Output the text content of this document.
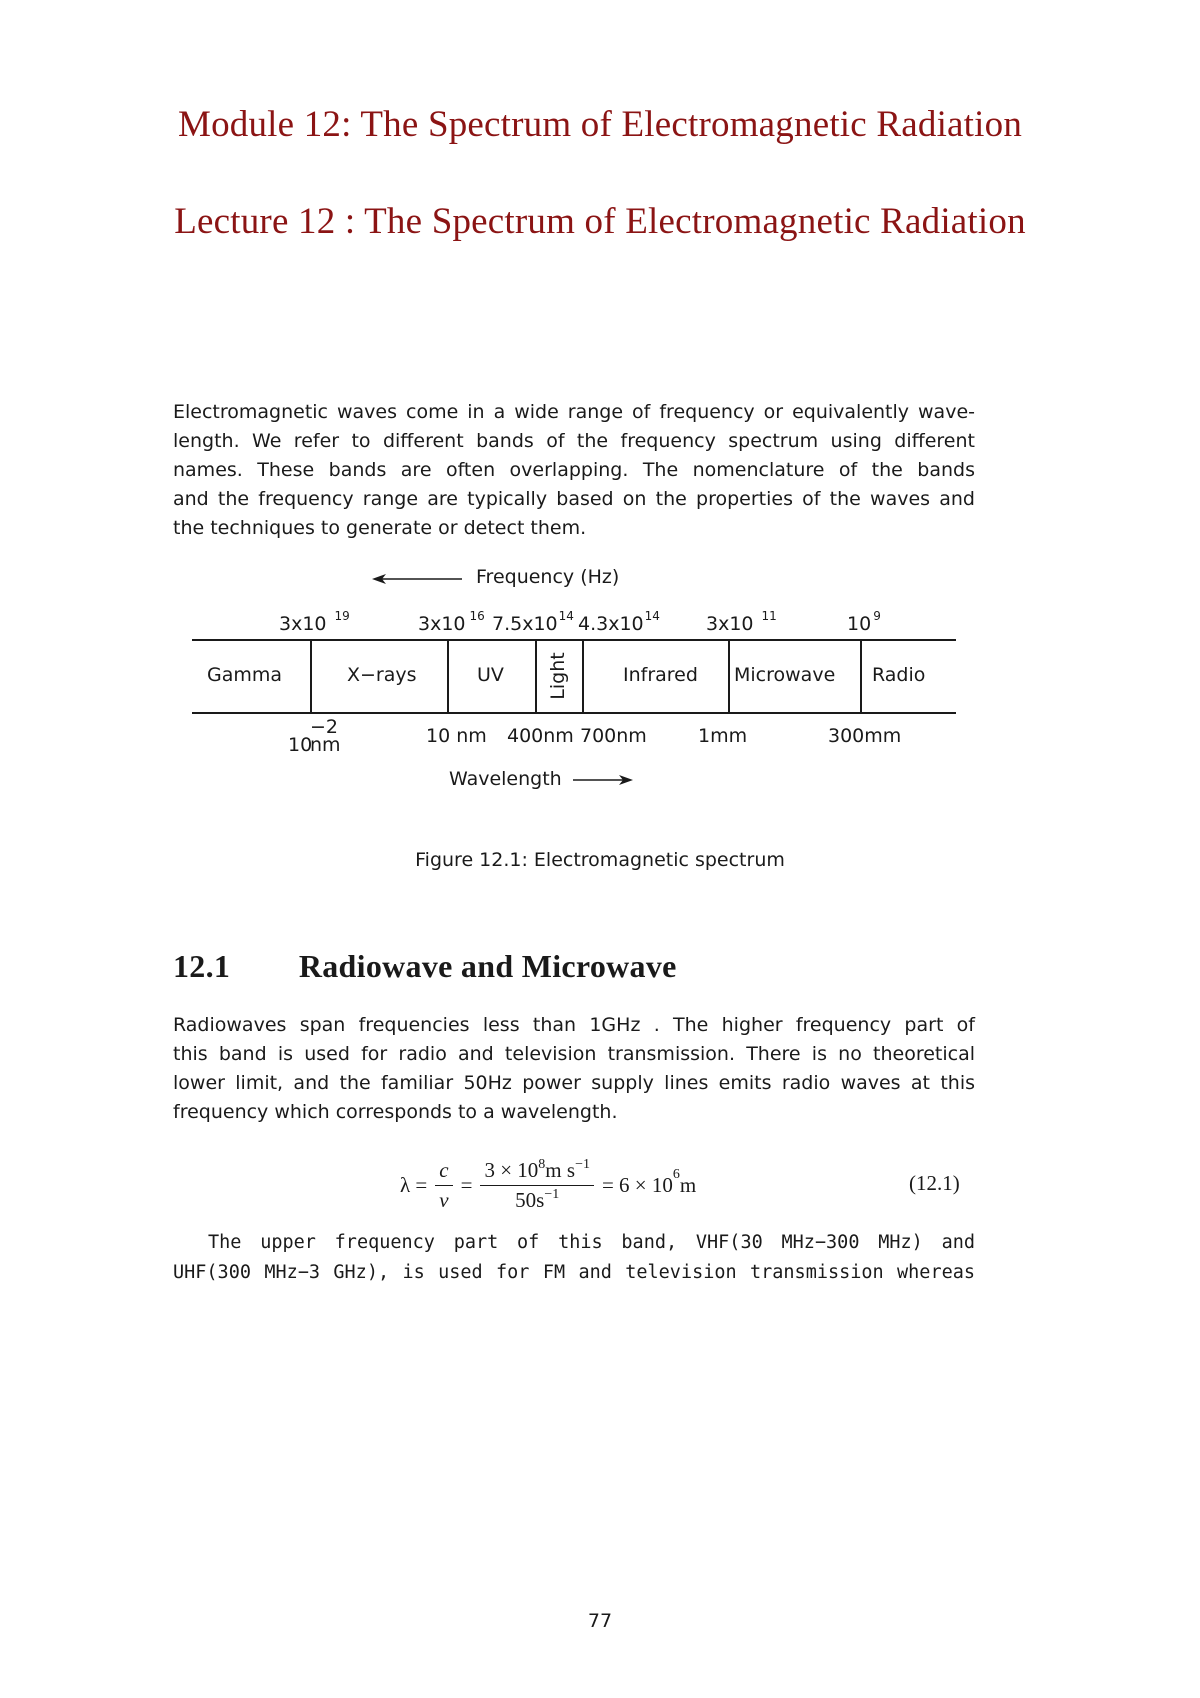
Module 12: The Spectrum of Electromagnetic Radiation
Lecture 12 : The Spectrum of Electromagnetic Radiation
Electromagnetic waves come in a wide range of frequency or equivalently wave-
length. We refer to different bands of the frequency spectrum using different
names. These bands are often overlapping. The nomenclature of the bands
and the frequency range are typically based on the properties of the waves and
the techniques to generate or detect them.
Frequency (Hz)
3x10 $^{19}$	3x10 $^{16}$ $7.5x10^{14}$ $4.3x10^{14}$ 3x10 $^{11}$	10 $^9$
Gamma	X−rays	UV Light	Infrared Microwave Radio
−2
10
nm	10 nm 400nm 700nm	1mm	300mm
Wavelength
Figure 12.1: Electromagnetic spectrum
12.1 Radiowave and Microwave
Radiowaves span frequencies less than 1GHz . The higher frequency part of
this band is used for radio and television transmission. There is no theoretical
lower limit, and the familiar 50Hz power supply lines emits radio waves at this
frequency which corresponds to a wavelength.
$\lambda = \frac{c}{\nu} = \frac{3 \times 10^8m s^{-1}}{50s^{-1}} = 6 \times 10$ 6 m	(12.1)
The upper frequency part of this band, VHF(30 MHz−300 MHz) and
UHF(300 MHz−3 GHz), is used for FM and television transmission whereas
77
